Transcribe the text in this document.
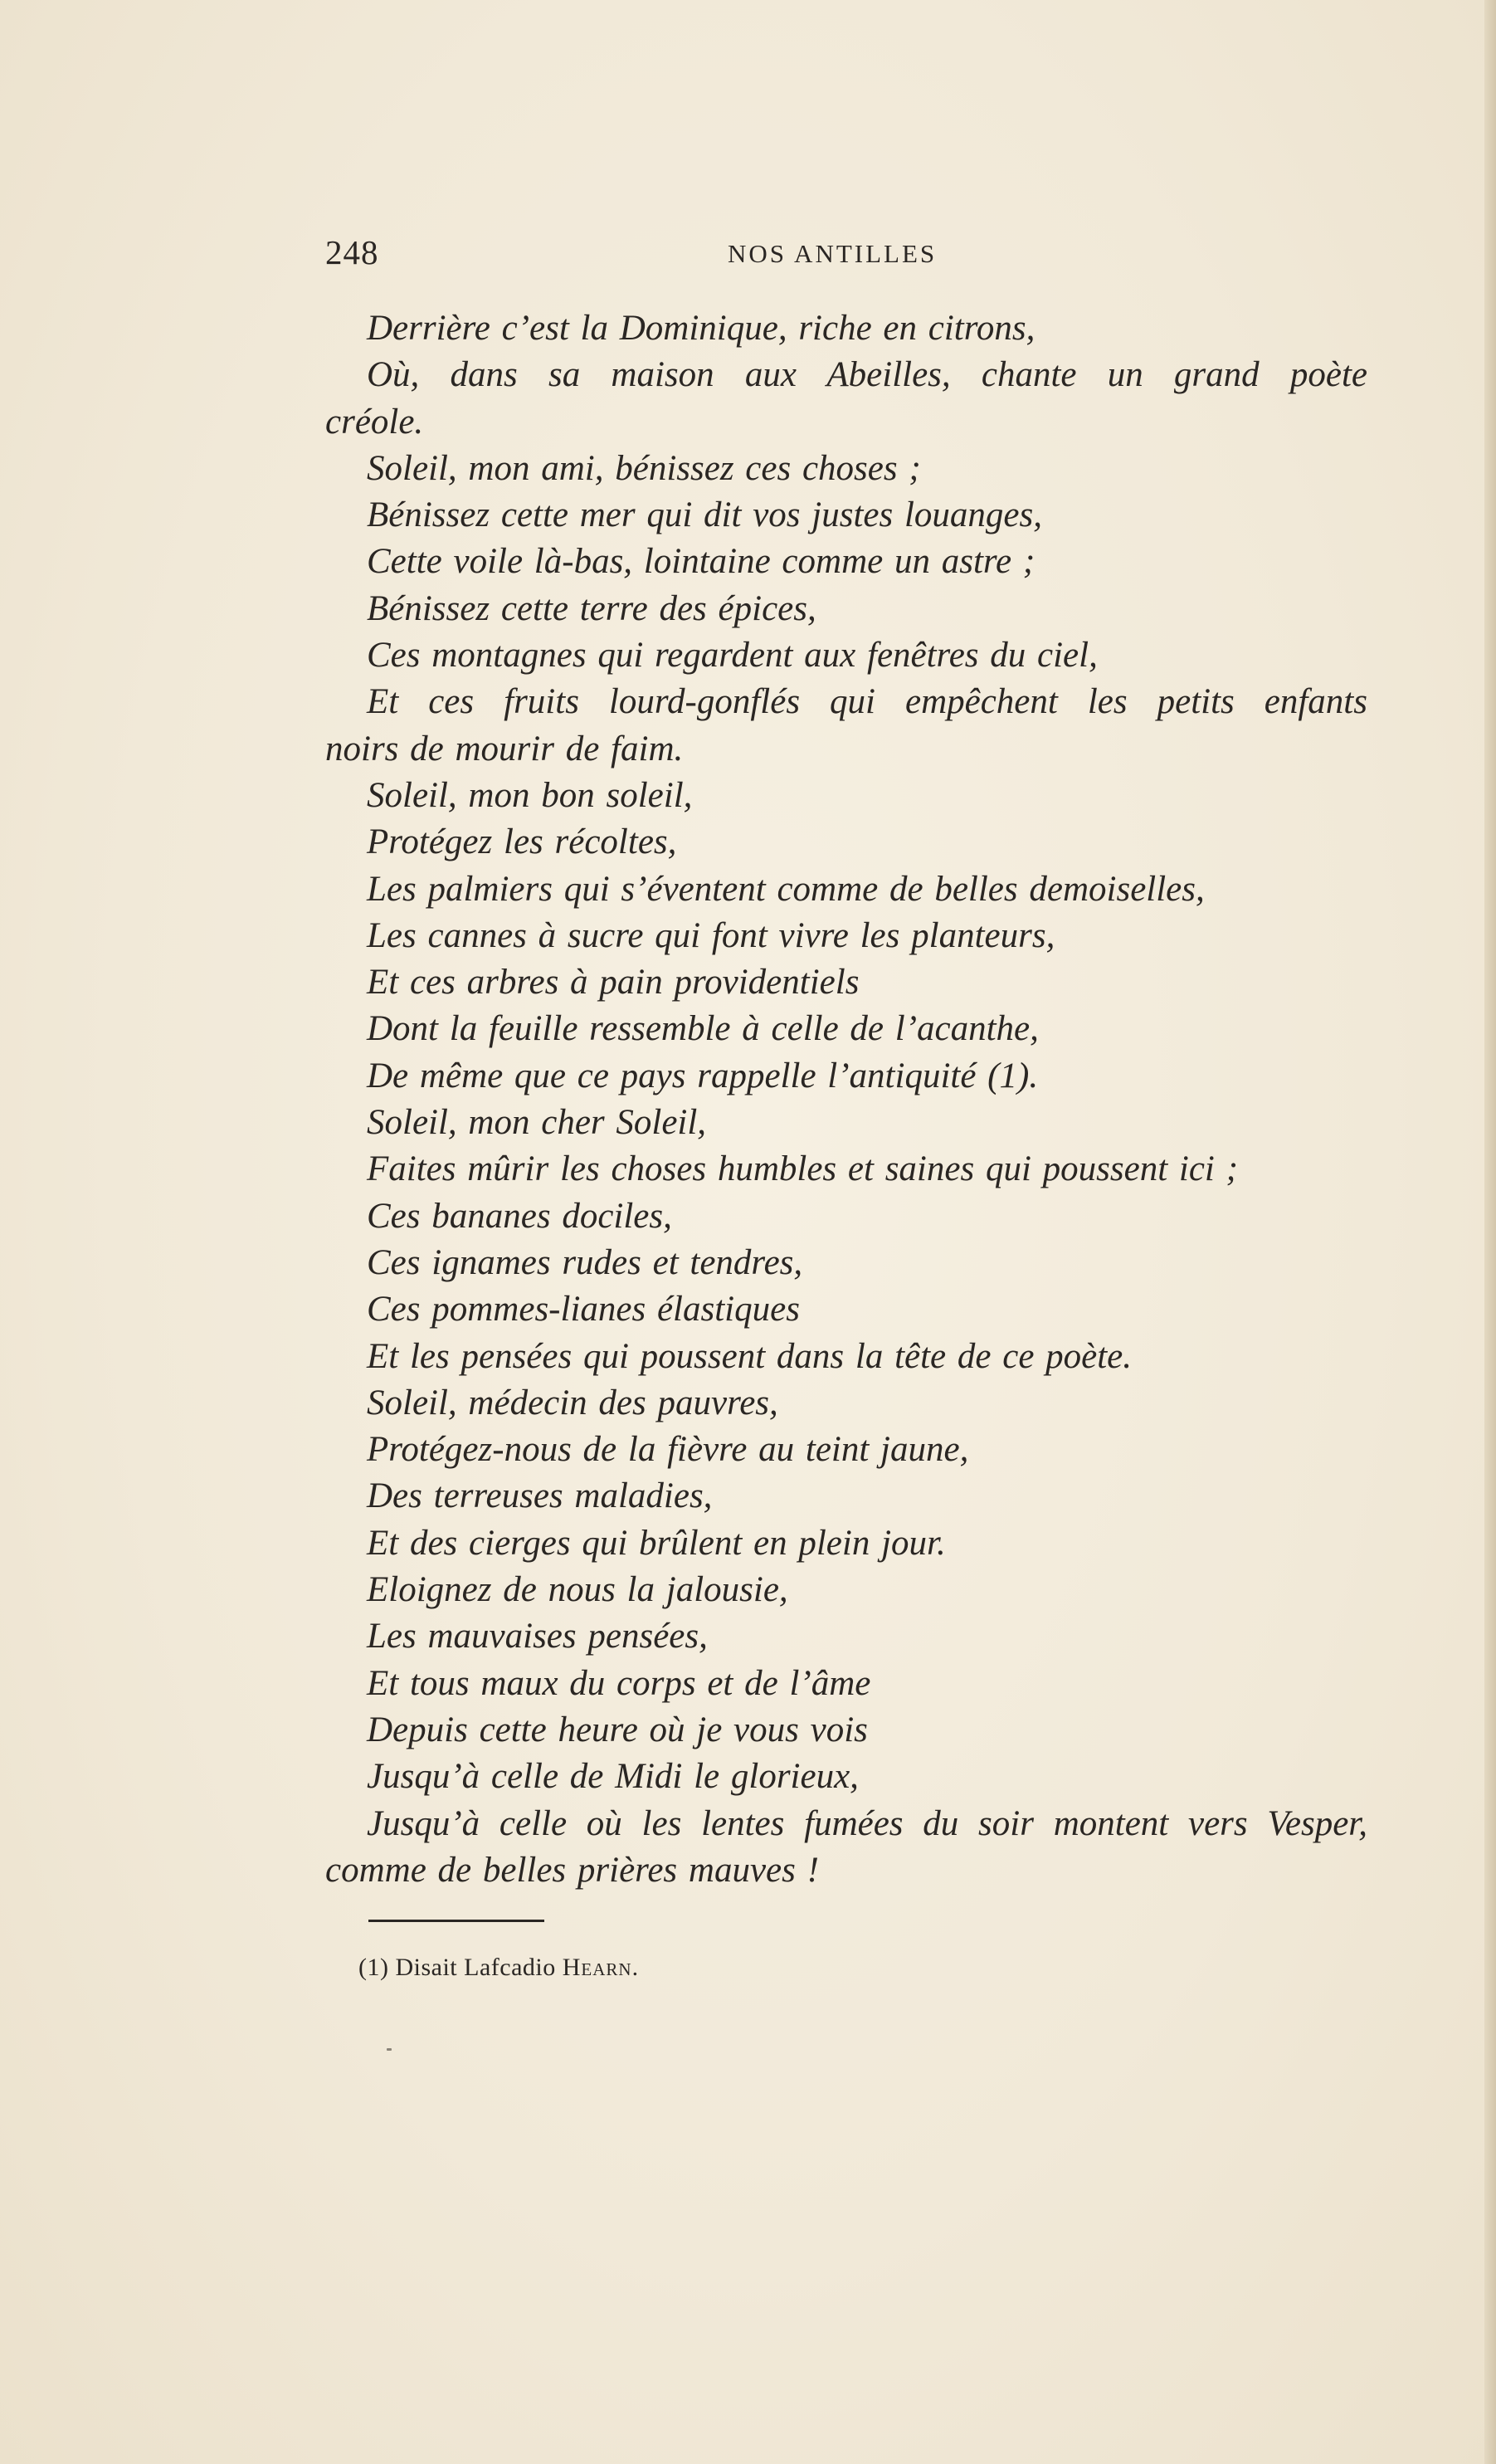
248	NOS ANTILLES
Derrière c’est la Dominique, riche en citrons,
Où, dans sa maison aux Abeilles, chante un grand poète
créole.
Soleil, mon ami, bénissez ces choses ;
Bénissez cette mer qui dit vos justes louanges,
Cette voile là-bas, lointaine comme un astre ;
Bénissez cette terre des épices,
Ces montagnes qui regardent aux fenêtres du ciel,
Et ces fruits lourd-gonflés qui empêchent les petits enfants
noirs de mourir de faim.
Soleil, mon bon soleil,
Protégez les récoltes,
Les palmiers qui s’éventent comme de belles demoiselles,
Les cannes à sucre qui font vivre les planteurs,
Et ces arbres à pain providentiels
Dont la feuille ressemble à celle de l’acanthe,
De même que ce pays rappelle l’antiquité (1).
Soleil, mon cher Soleil,
Faites mûrir les choses humbles et saines qui poussent ici ;
Ces bananes dociles,
Ces ignames rudes et tendres,
Ces pommes-lianes élastiques
Et les pensées qui poussent dans la tête de ce poète.
Soleil, médecin des pauvres,
Protégez-nous de la fièvre au teint jaune,
Des terreuses maladies,
Et des cierges qui brûlent en plein jour.
Eloignez de nous la jalousie,
Les mauvaises pensées,
Et tous maux du corps et de l’âme
Depuis cette heure où je vous vois
Jusqu’à celle de Midi le glorieux,
Jusqu’à celle où les lentes fumées du soir montent vers Vesper,
comme de belles prières mauves !
(1) Disait Lafcadio Hearn.
